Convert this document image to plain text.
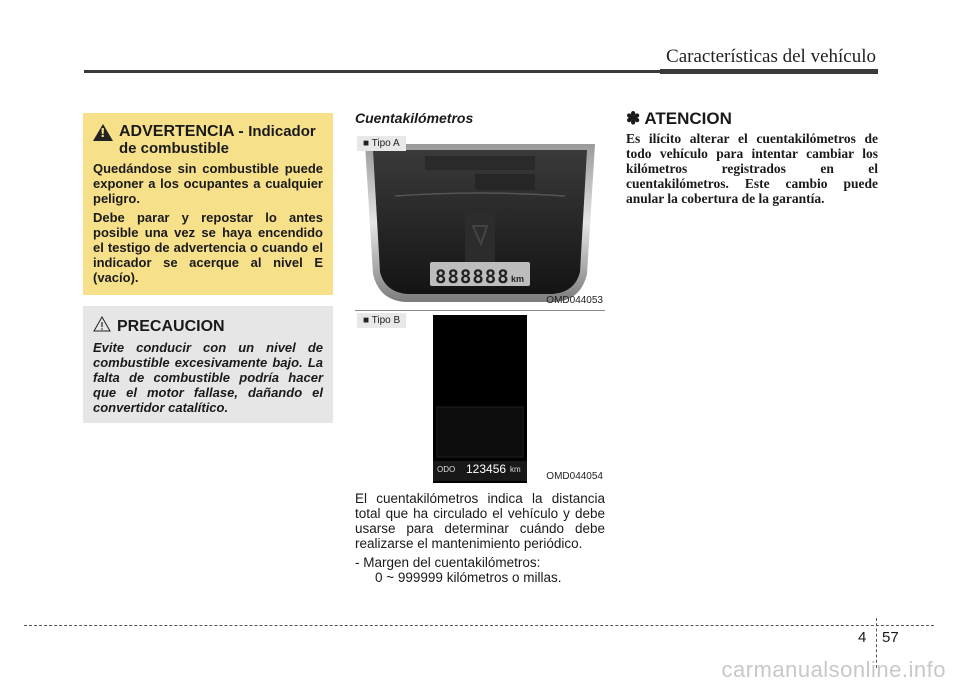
Características del vehículo
!
ADVERTENCIA - Indicador
de combustible
Quedándose sin combustible puede exponer a los ocupantes a cualquier peligro.
Debe parar y repostar lo antes posible una vez se haya encendido el testigo de advertencia o cuando el indicador se acerque al nivel E (vacío).
PRECAUCION
Evite conducir con un nivel de combustible excesivamente bajo. La falta de combustible podría hacer que el motor fallase, dañando el convertidor catalítico.
Cuentakilómetros
■ Tipo A
888888 km
OMD044053
■ Tipo B
ODO 123456 km
OMD044054

El cuentakilómetros indica la distancia total que ha circulado el vehículo y debe usarse para determinar cuándo debe realizarse el mantenimiento periódico.

- Margen del cuentakilómetros:
0 ~ 999999 kilómetros o millas.
✽ ATENCION
Es ilícito alterar el cuentakilómetros de todo vehículo para intentar cambiar los kilómetros registrados en el cuentakilómetros. Este cambio puede anular la cobertura de la garantía.
4 57
carmanualsonline.info
